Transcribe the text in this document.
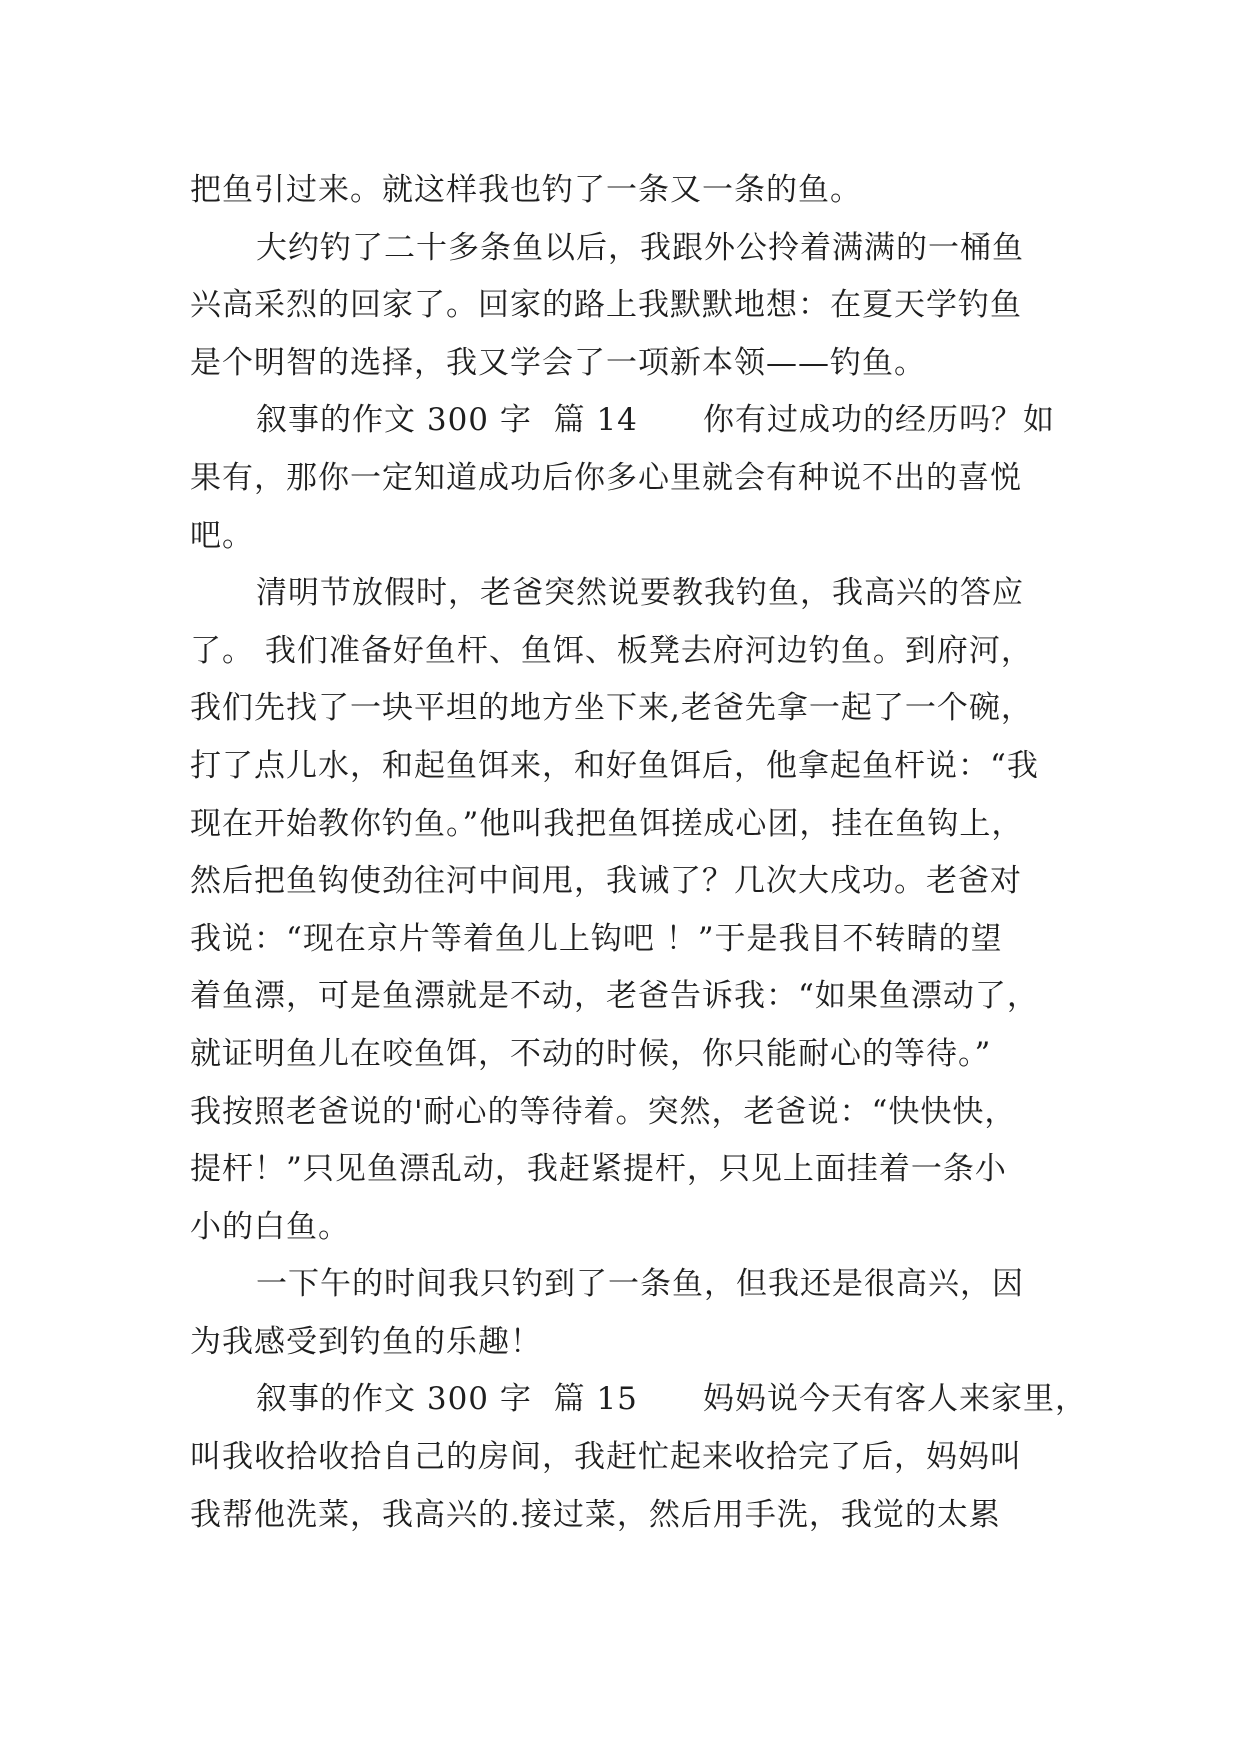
把鱼引过来。就这样我也钓了一条又一条的鱼。
大约钓了二十多条鱼以后，我跟外公拎着满满的一桶鱼
兴高采烈的回家了。回家的路上我默默地想：在夏天学钓鱼
是个明智的选择，我又学会了一项新本领——钓鱼。
叙事的作文 300 字  篇 14      你有过成功的经历吗？如
果有，那你一定知道成功后你多心里就会有种说不出的喜悦
吧。
清明节放假时，老爸突然说要教我钓鱼，我高兴的答应
了。 我们准备好鱼杆、鱼饵、板凳去府河边钓鱼。到府河，
我们先找了一块平坦的地方坐下来,老爸先拿一起了一个碗，
打了点儿水，和起鱼饵来，和好鱼饵后，他拿起鱼杆说：“我
现在开始教你钓鱼。”他叫我把鱼饵搓成心团，挂在鱼钩上，
然后把鱼钩使劲往河中间甩，我诫了？几次大戌功。老爸对
我说：“现在京片等着鱼儿上钩吧 ！”于是我目不转睛的望
着鱼漂，可是鱼漂就是不动，老爸告诉我：“如果鱼漂动了，
就证明鱼儿在咬鱼饵，不动的时候，你只能耐心的等待。”
我按照老爸说的'耐心的等待着。突然，老爸说：“快快快，
提杆！”只见鱼漂乱动，我赶紧提杆，只见上面挂着一条小
小的白鱼。
一下午的时间我只钓到了一条鱼，但我还是很高兴，因
为我感受到钓鱼的乐趣！
叙事的作文 300 字  篇 15      妈妈说今天有客人来家里，
叫我收拾收拾自己的房间，我赶忙起来收拾完了后，妈妈叫
我帮他洗菜，我高兴的.接过菜，然后用手洗，我觉的太累
